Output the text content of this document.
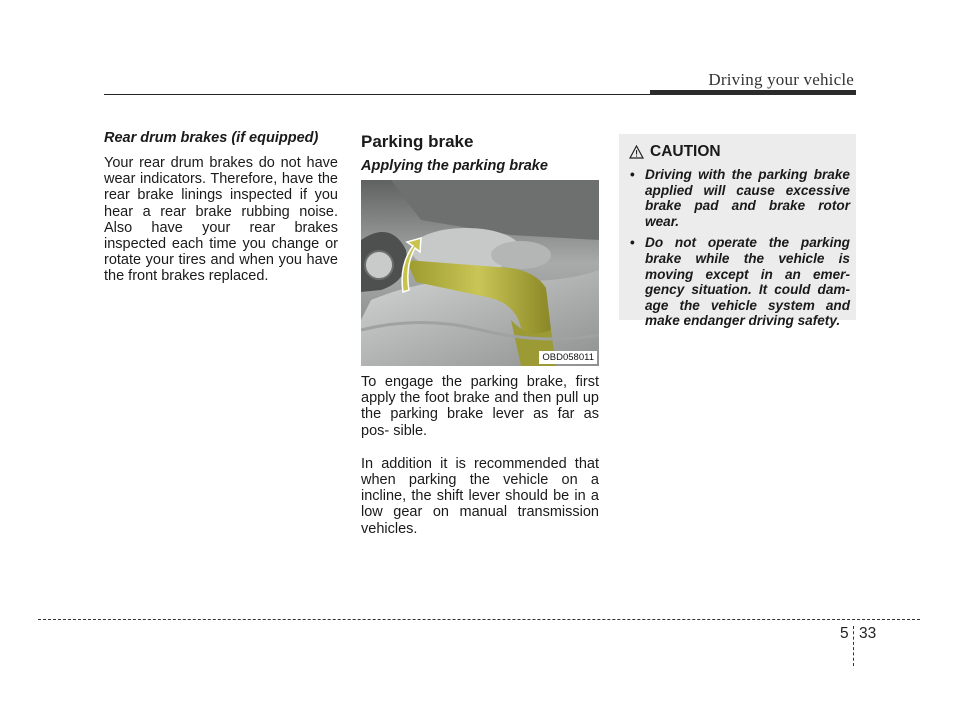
Driving your vehicle

Rear drum brakes (if equipped)

Your rear drum brakes do not have wear indicators. Therefore, have the rear brake linings inspected if you hear a rear brake rubbing noise. Also have your rear brakes inspected each time you change or rotate your tires and when you have the front brakes replaced.

Parking brake

Applying the parking brake

OBD058011

To engage the parking brake, first apply the foot brake and then pull up the parking brake lever as far as pos- sible.

In addition it is recommended that when parking the vehicle on a incline, the shift lever should be in a low gear on manual transmission vehicles.

CAUTION
• Driving with the parking brake applied will cause excessive brake pad and brake rotor wear.
• Do not operate the parking brake while the vehicle is moving except in an emer- gency situation. It could dam- age the vehicle system and make endanger driving safety.
5 33
